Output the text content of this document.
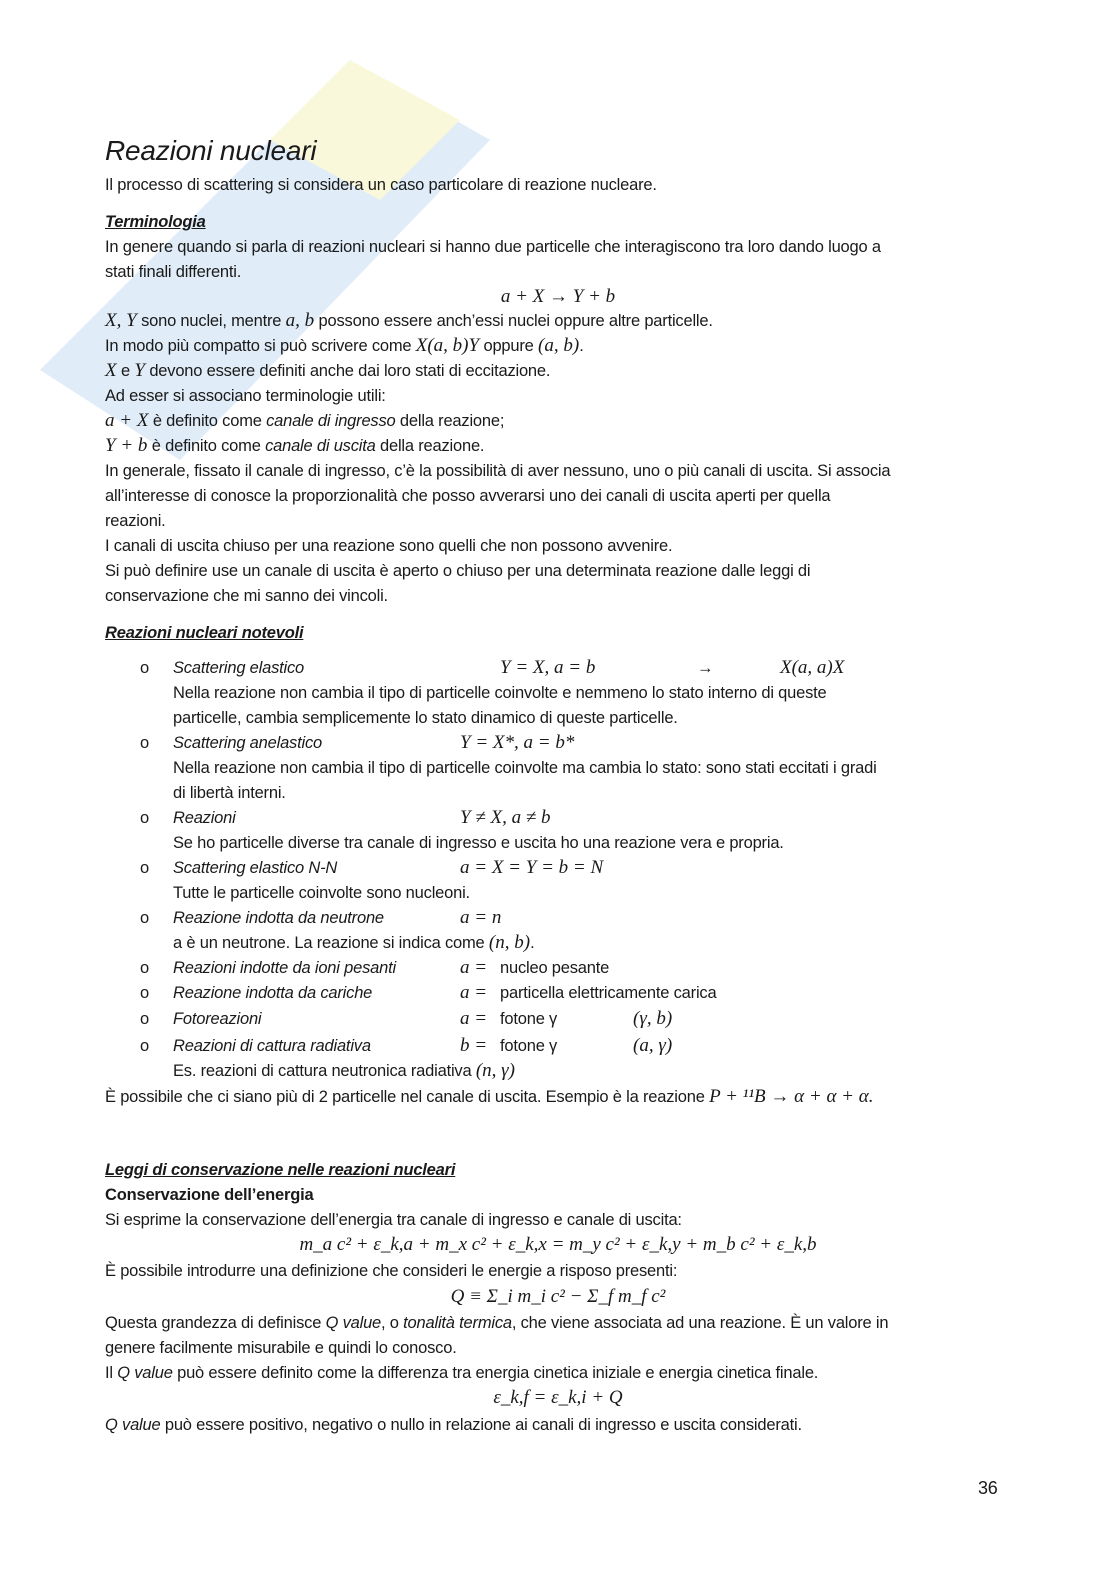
Reazioni nucleari
Il processo di scattering si considera un caso particolare di reazione nucleare.
Terminologia
In genere quando si parla di reazioni nucleari si hanno due particelle che interagiscono tra loro dando luogo a
stati finali differenti.
a + X → Y + b
X, Y sono nuclei, mentre a, b possono essere anch’essi nuclei oppure altre particelle.
In modo più compatto si può scrivere come X(a, b)Y oppure (a, b).
X e Y devono essere definiti anche dai loro stati di eccitazione.
Ad esser si associano terminologie utili:
a + X è definito come canale di ingresso della reazione;
Y + b è definito come canale di uscita della reazione.
In generale, fissato il canale di ingresso, c’è la possibilità di aver nessuno, uno o più canali di uscita. Si associa
all’interesse di conosce la proporzionalità che posso avverarsi uno dei canali di uscita aperti per quella
reazioni.
I canali di uscita chiuso per una reazione sono quelli che non possono avvenire.
Si può definire use un canale di uscita è aperto o chiuso per una determinata reazione dalle leggi di
conservazione che mi sanno dei vincoli.
Reazioni nucleari notevoli
Nella reazione non cambia il tipo di particelle coinvolte e nemmeno lo stato interno di queste
particelle, cambia semplicemente lo stato dinamico di queste particelle.
Nella reazione non cambia il tipo di particelle coinvolte ma cambia lo stato: sono stati eccitati i gradi
di libertà interni.
Se ho particelle diverse tra canale di ingresso e uscita ho una reazione vera e propria.
Tutte le particelle coinvolte sono nucleoni.
a è un neutrone. La reazione si indica come (n, b).
Es. reazioni di cattura neutronica radiativa (n, γ)
È possibile che ci siano più di 2 particelle nel canale di uscita. Esempio è la reazione P + ¹¹B → α + α + α.
Leggi di conservazione nelle reazioni nucleari
Conservazione dell’energia
Si esprime la conservazione dell’energia tra canale di ingresso e canale di uscita:
m_a c² + ε_k,a + m_x c² + ε_k,x = m_y c² + ε_k,y + m_b c² + ε_k,b
È possibile introdurre una definizione che consideri le energie a risposo presenti:
Q ≡ Σ_i m_i c² − Σ_f m_f c²
Questa grandezza di definisce Q value, o tonalità termica, che viene associata ad una reazione. È un valore in
genere facilmente misurabile e quindi lo conosco.
Il Q value può essere definito come la differenza tra energia cinetica iniziale e energia cinetica finale.
ε_k,f = ε_k,i + Q
Q value può essere positivo, negativo o nullo in relazione ai canali di ingresso e uscita considerati.
o Scattering elastico	Y = X, a = b	→	X(a, a)X
o Scattering anelastico	Y = X*, a = b*
o Reazioni	Y ≠ X, a ≠ b
o Scattering elastico N-N	a = X = Y = b = N
o Reazione indotta da neutrone	a = n
o Reazioni indotte da ioni pesanti	a = nucleo pesante
o Reazione indotta da cariche	a = particella elettricamente carica
o Fotoreazioni	a = fotone γ	(γ, b)
o Reazioni di cattura radiativa	b = fotone γ	(a, γ)
36
